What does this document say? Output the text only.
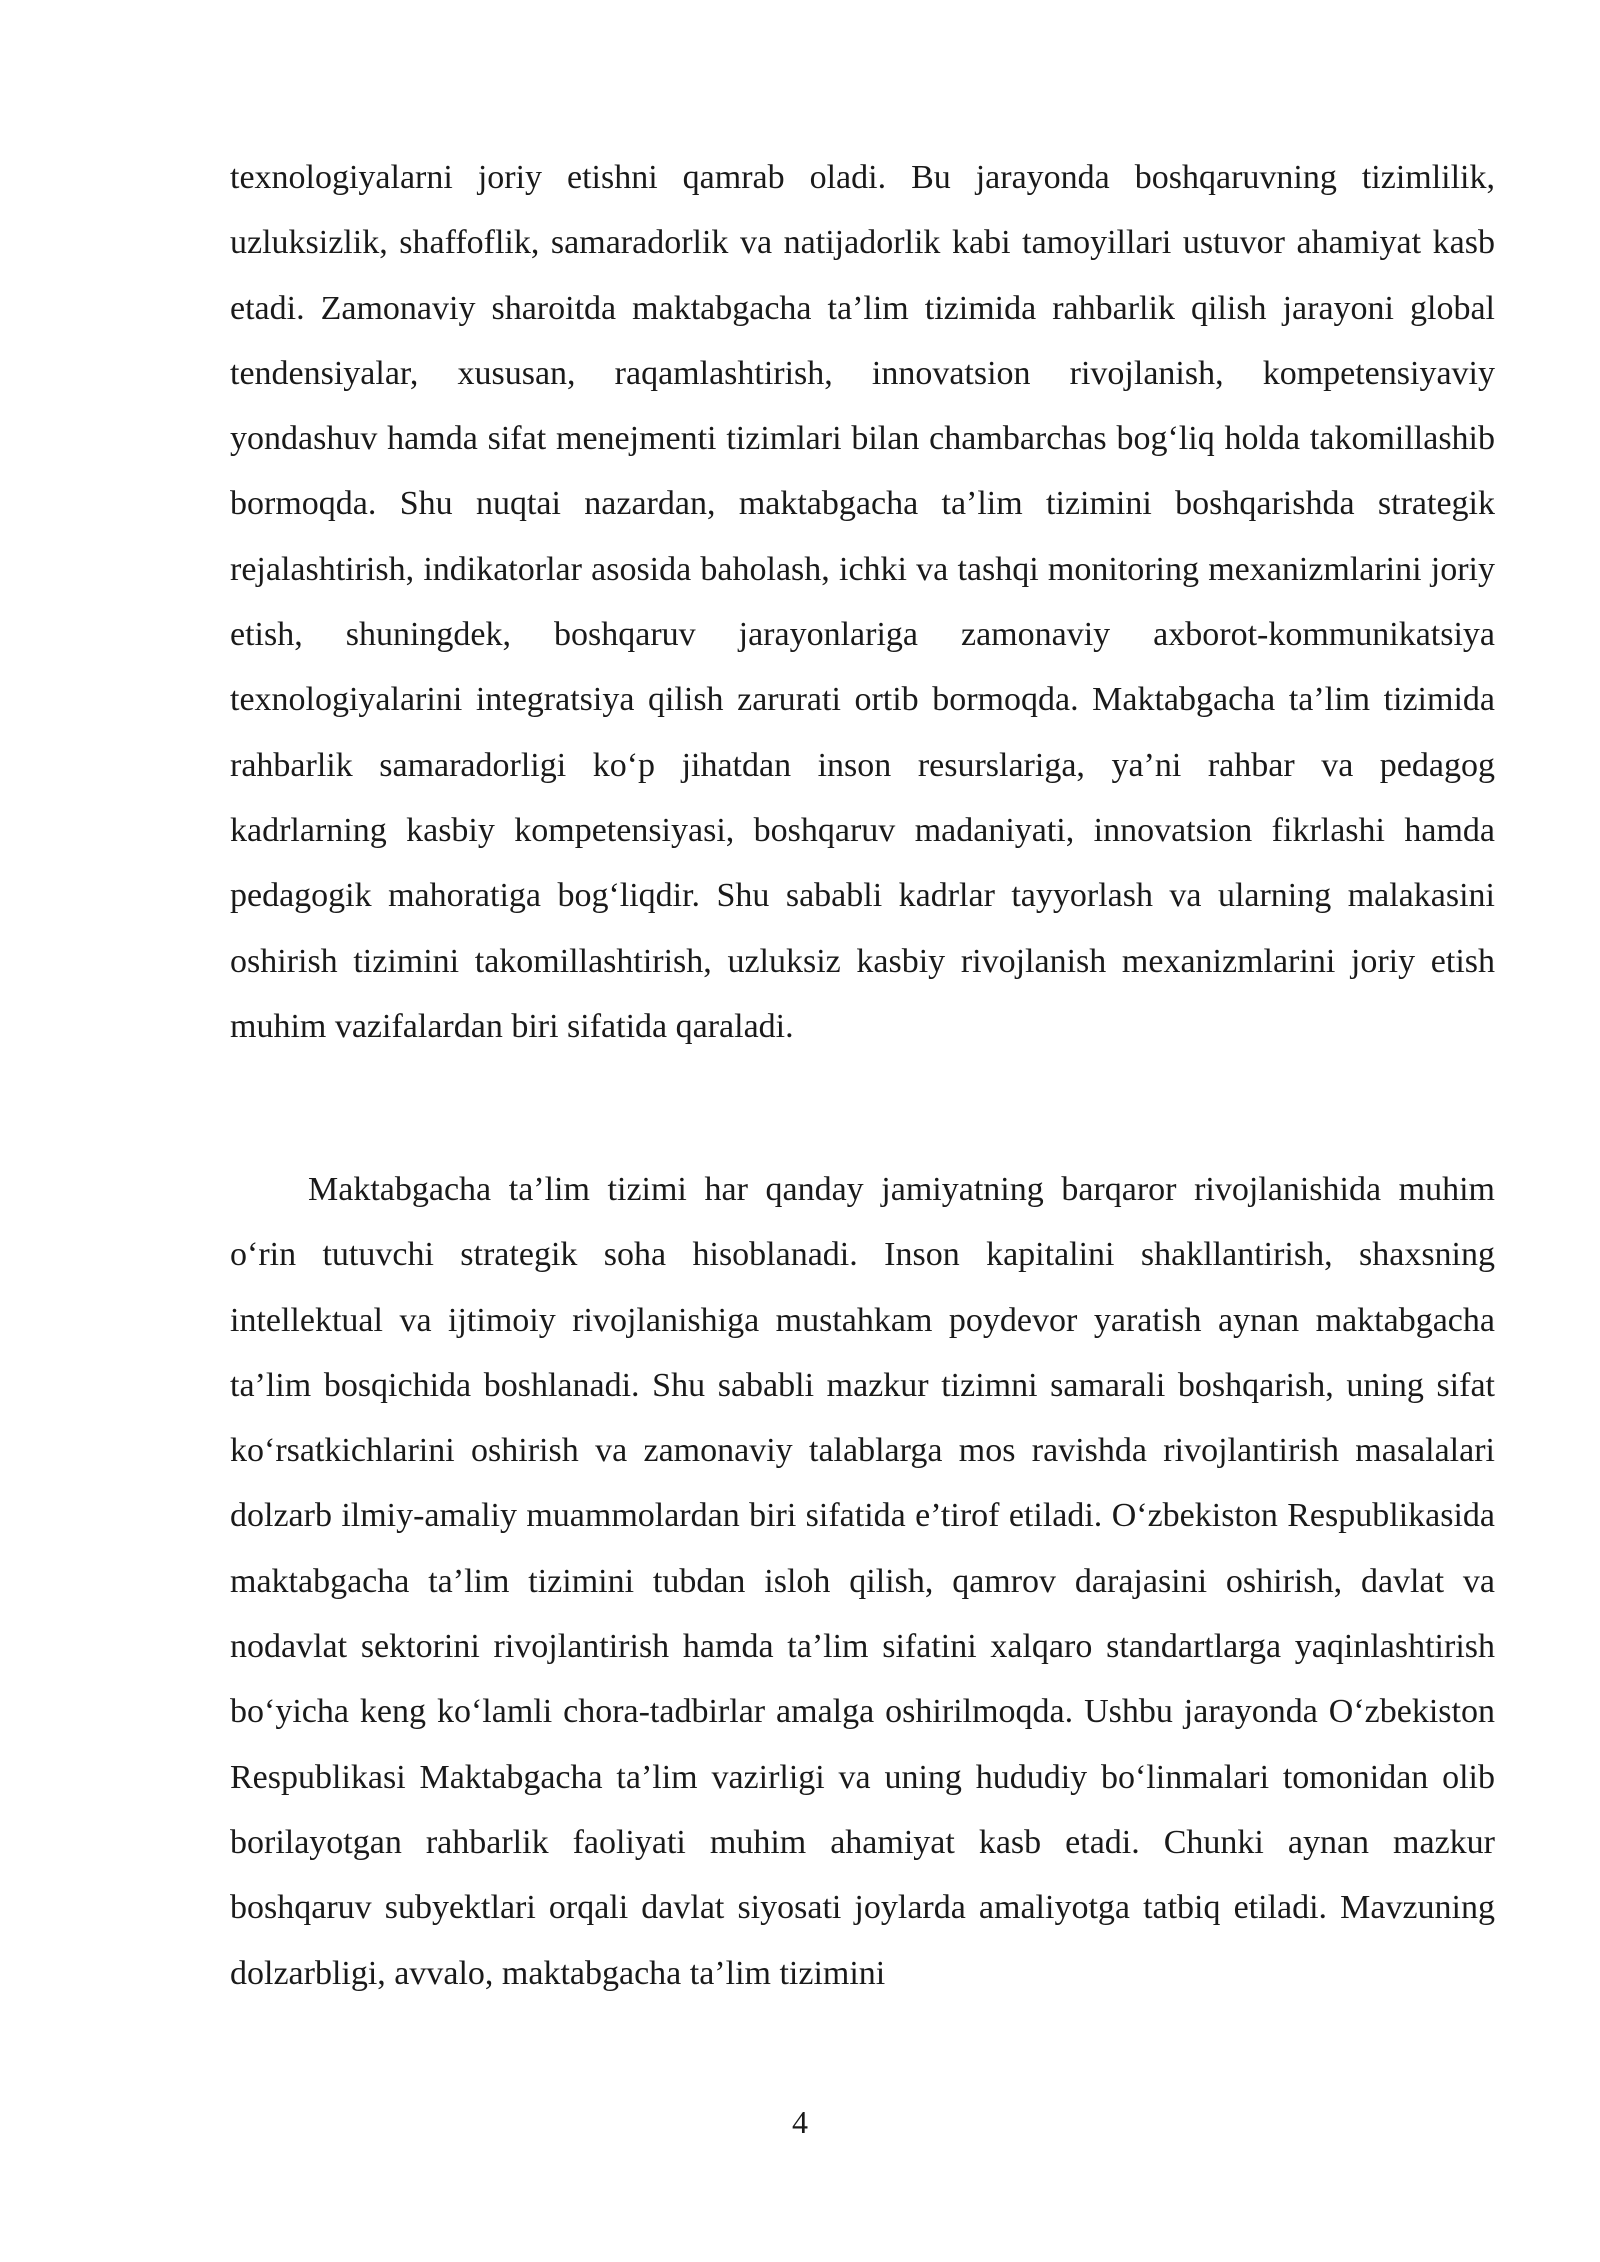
texnologiyalarni joriy etishni qamrab oladi. Bu jarayonda boshqaruvning tizimlilik, uzluksizlik, shaffoflik, samaradorlik va natijadorlik kabi tamoyillari ustuvor ahamiyat kasb etadi. Zamonaviy sharoitda maktabgacha ta’lim tizimida rahbarlik qilish jarayoni global tendensiyalar, xususan, raqamlashtirish, innovatsion rivojlanish, kompetensiyaviy yondashuv hamda sifat menejmenti tizimlari bilan chambarchas bog‘liq holda takomillashib bormoqda. Shu nuqtai nazardan, maktabgacha ta’lim tizimini boshqarishda strategik rejalashtirish, indikatorlar asosida baholash, ichki va tashqi monitoring mexanizmlarini joriy etish, shuningdek, boshqaruv jarayonlariga zamonaviy axborot-kommunikatsiya texnologiyalarini integratsiya qilish zarurati ortib bormoqda. Maktabgacha ta’lim tizimida rahbarlik samaradorligi ko‘p jihatdan inson resurslariga, ya’ni rahbar va pedagog kadrlarning kasbiy kompetensiyasi, boshqaruv madaniyati, innovatsion fikrlashi hamda pedagogik mahoratiga bog‘liqdir. Shu sababli kadrlar tayyorlash va ularning malakasini oshirish tizimini takomillashtirish, uzluksiz kasbiy rivojlanish mexanizmlarini joriy etish muhim vazifalardan biri sifatida qaraladi.

Maktabgacha ta’lim tizimi har qanday jamiyatning barqaror rivojlanishida muhim o‘rin tutuvchi strategik soha hisoblanadi. Inson kapitalini shakllantirish, shaxsning intellektual va ijtimoiy rivojlanishiga mustahkam poydevor yaratish aynan maktabgacha ta’lim bosqichida boshlanadi. Shu sababli mazkur tizimni samarali boshqarish, uning sifat ko‘rsatkichlarini oshirish va zamonaviy talablarga mos ravishda rivojlantirish masalalari dolzarb ilmiy-amaliy muammolardan biri sifatida e’tirof etiladi. O‘zbekiston Respublikasida maktabgacha ta’lim tizimini tubdan isloh qilish, qamrov darajasini oshirish, davlat va nodavlat sektorini rivojlantirish hamda ta’lim sifatini xalqaro standartlarga yaqinlashtirish bo‘yicha keng ko‘lamli chora-tadbirlar amalga oshirilmoqda. Ushbu jarayonda O‘zbekiston Respublikasi Maktabgacha ta’lim vazirligi va uning hududiy bo‘linmalari tomonidan olib borilayotgan rahbarlik faoliyati muhim ahamiyat kasb etadi. Chunki aynan mazkur boshqaruv subyektlari orqali davlat siyosati joylarda amaliyotga tatbiq etiladi. Mavzuning dolzarbligi, avvalo, maktabgacha ta’lim tizimini

4
